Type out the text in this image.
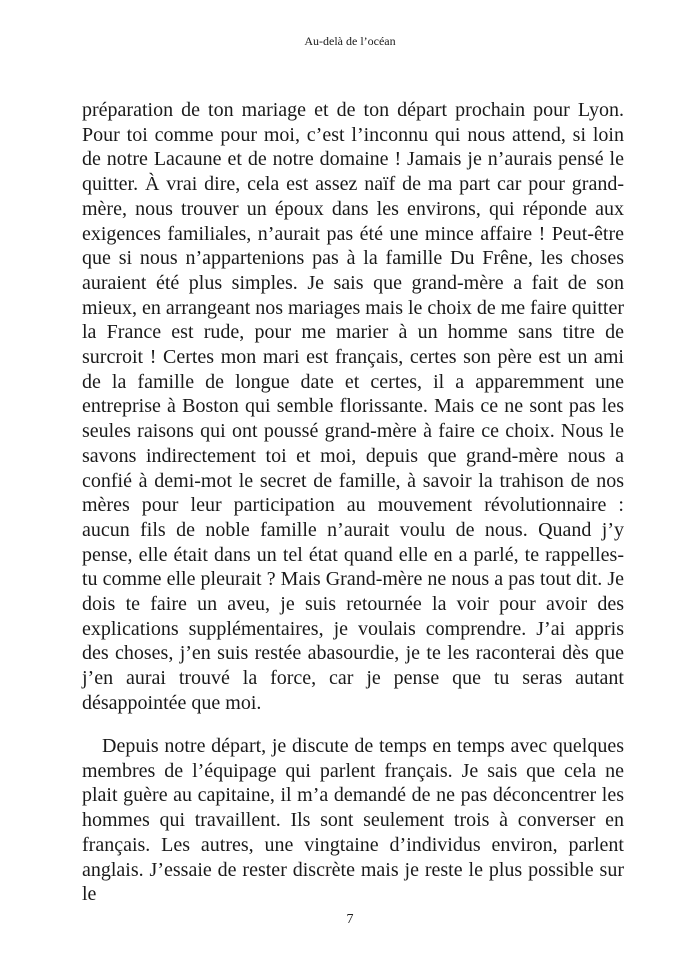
Au-delà de l’océan

préparation de ton mariage et de ton départ prochain pour Lyon. Pour toi comme pour moi, c’est l’inconnu qui nous attend, si loin de notre Lacaune et de notre domaine ! Jamais je n’aurais pensé le quitter. À vrai dire, cela est assez naïf de ma part car pour grand-mère, nous trouver un époux dans les environs, qui réponde aux exigences familiales, n’aurait pas été une mince affaire ! Peut-être que si nous n’appartenions pas à la famille Du Frêne, les choses auraient été plus simples. Je sais que grand-mère a fait de son mieux, en arrangeant nos mariages mais le choix de me faire quitter la France est rude, pour me marier à un homme sans titre de surcroit ! Certes mon mari est français, certes son père est un ami de la famille de longue date et certes, il a apparemment une entreprise à Boston qui semble florissante. Mais ce ne sont pas les seules raisons qui ont poussé grand-mère à faire ce choix. Nous le savons indirectement toi et moi, depuis que grand-mère nous a confié à demi-mot le secret de famille, à savoir la trahison de nos mères pour leur participation au mouvement révolutionnaire : aucun fils de noble famille n’aurait voulu de nous. Quand j’y pense, elle était dans un tel état quand elle en a parlé, te rappelles-tu comme elle pleurait ? Mais Grand-mère ne nous a pas tout dit. Je dois te faire un aveu, je suis retournée la voir pour avoir des explications supplémentaires, je voulais comprendre. J’ai appris des choses, j’en suis restée abasourdie, je te les raconterai dès que j’en aurai trouvé la force, car je pense que tu seras autant désappointée que moi.

Depuis notre départ, je discute de temps en temps avec quelques membres de l’équipage qui parlent français. Je sais que cela ne plait guère au capitaine, il m’a demandé de ne pas déconcentrer les hommes qui travaillent. Ils sont seulement trois à converser en français. Les autres, une vingtaine d’individus environ, parlent anglais. J’essaie de rester discrète mais je reste le plus possible sur le

7
